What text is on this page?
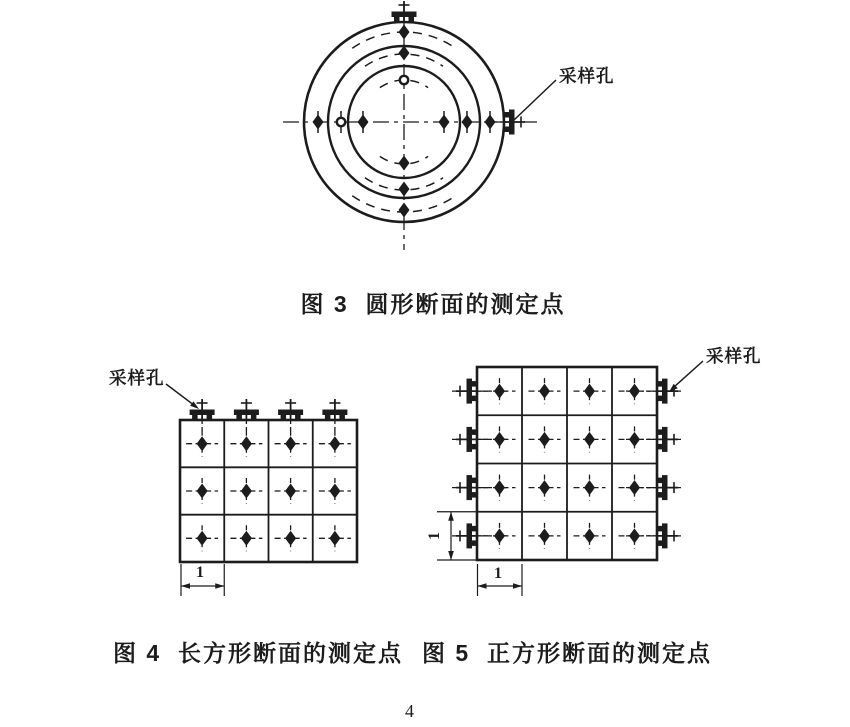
采样孔
图 3  圆形断面的测定点
采样孔
采样孔
1	1
1
图 4  长方形断面的测定点 图 5  正方形断面的测定点
4
